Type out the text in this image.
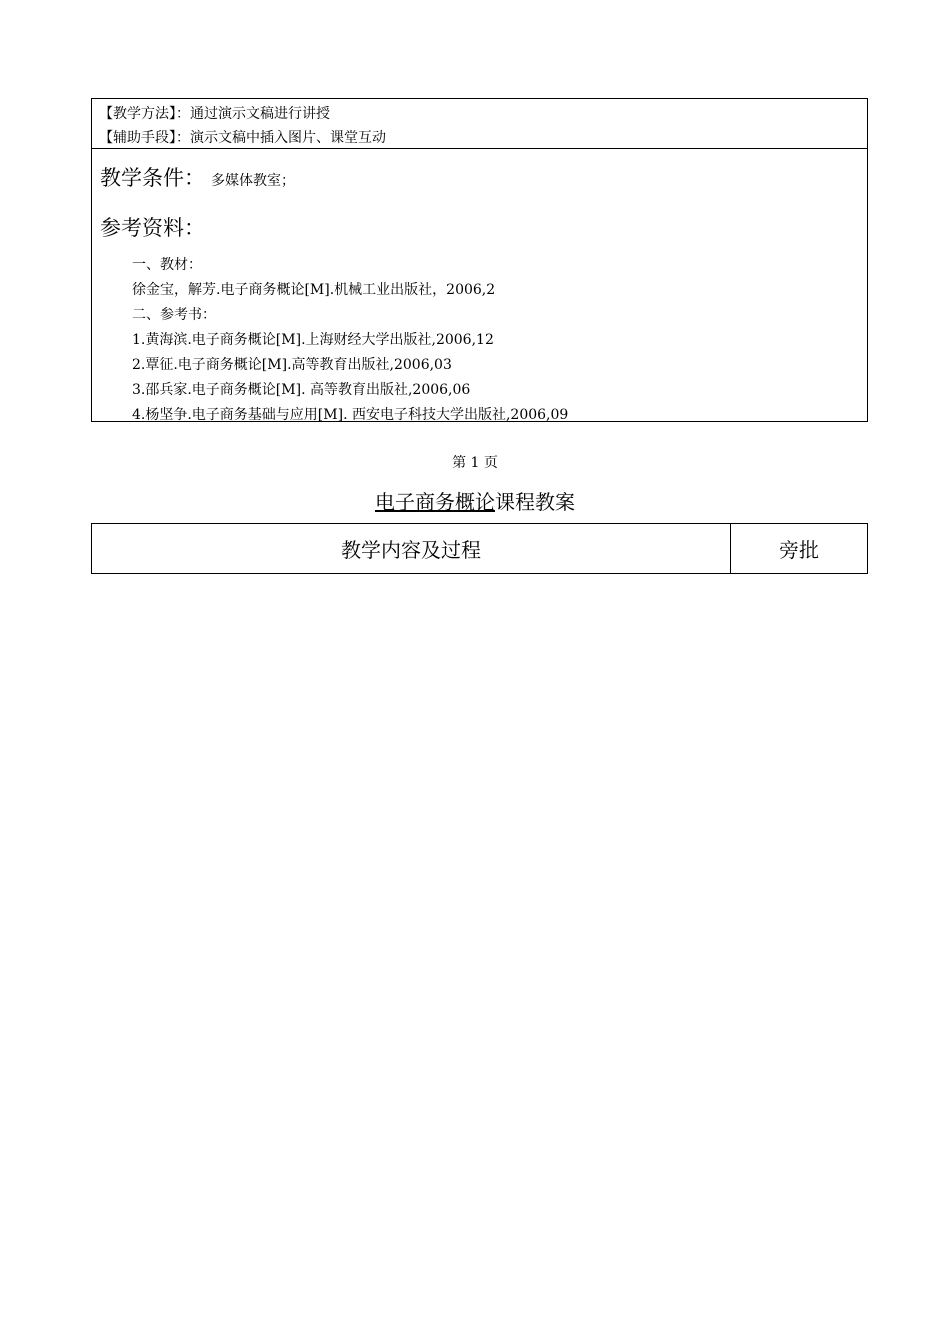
【教学方法】：通过演示文稿进行讲授
【辅助手段】：演示文稿中插入图片、课堂互动
教学条件： 多媒体教室；
参考资料：
一、教材：
徐金宝，解芳.电子商务概论[M].机械工业出版社，2006,2
二、参考书：
1.黄海滨.电子商务概论[M].上海财经大学出版社,2006,12
2.覃征.电子商务概论[M].高等教育出版社,2006,03
3.邵兵家.电子商务概论[M]. 高等教育出版社,2006,06
4.杨坚争.电子商务基础与应用[M]. 西安电子科技大学出版社,2006,09
第 1 页
电子商务概论课程教案
教学内容及过程	旁批
